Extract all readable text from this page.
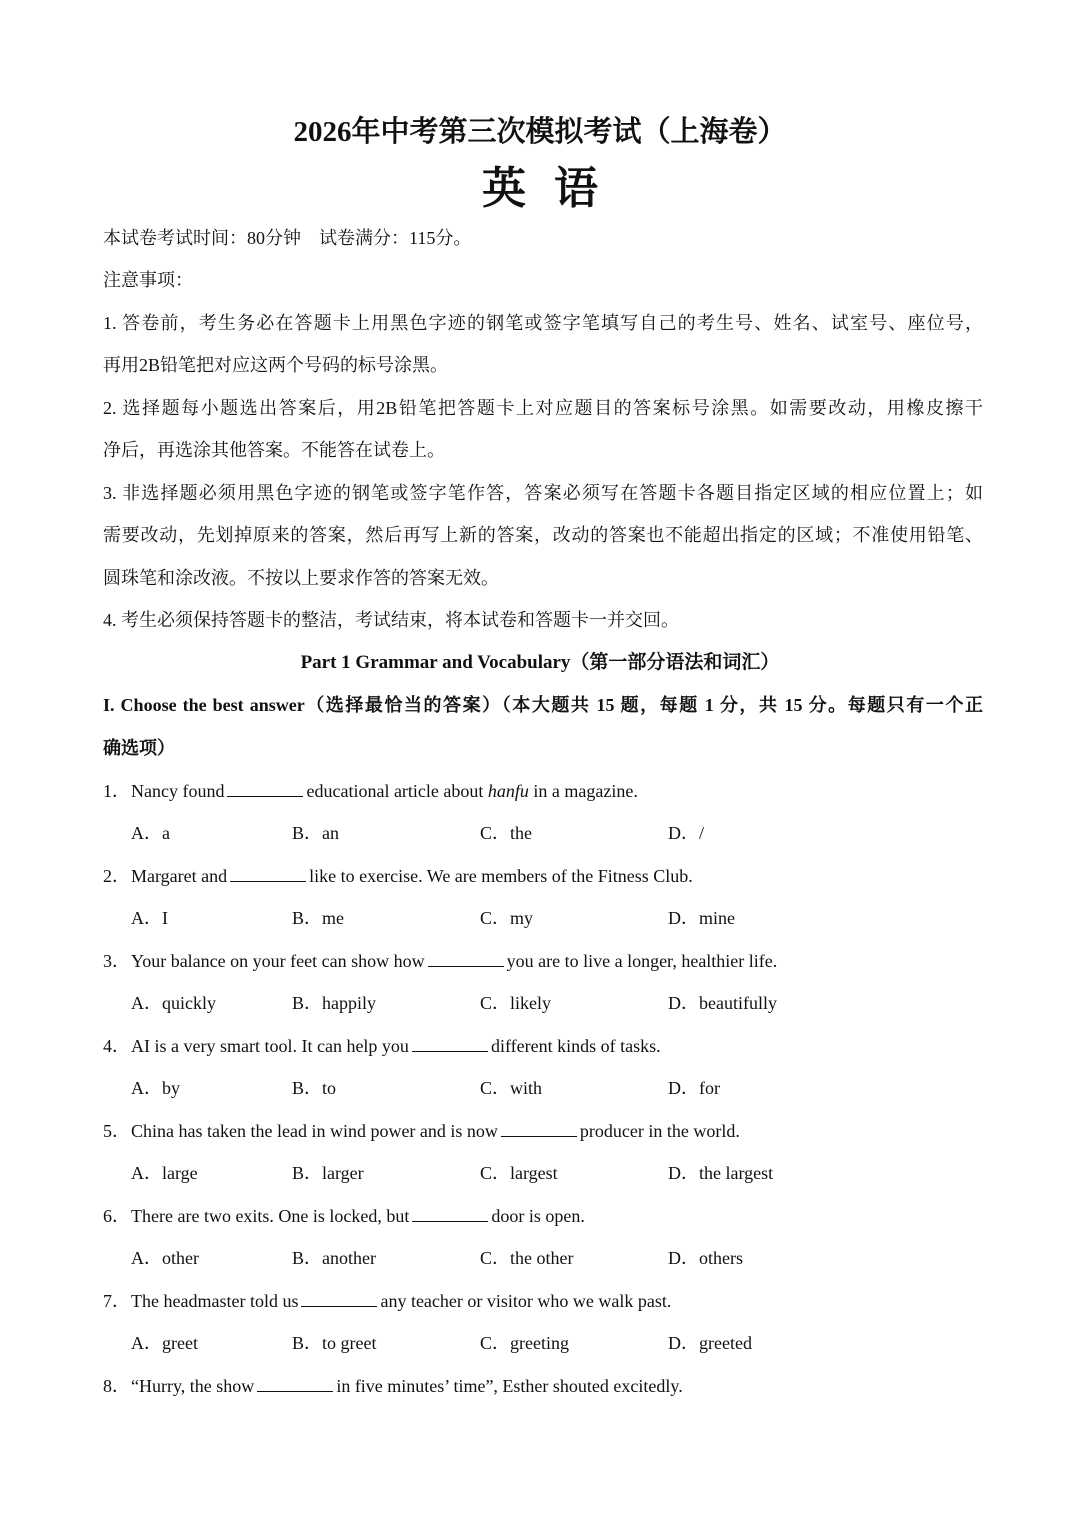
2026年中考第三次模拟考试（上海卷）
英语
本试卷考试时间：80分钟　试卷满分：115分。
注意事项：
1. 答卷前，考生务必在答题卡上用黑色字迹的钢笔或签字笔填写自己的考生号、姓名、试室号、座位号，
再用2B铅笔把对应这两个号码的标号涂黑。
2. 选择题每小题选出答案后，用2B铅笔把答题卡上对应题目的答案标号涂黑。如需要改动，用橡皮擦干
净后，再选涂其他答案。不能答在试卷上。
3. 非选择题必须用黑色字迹的钢笔或签字笔作答，答案必须写在答题卡各题目指定区域的相应位置上；如
需要改动，先划掉原来的答案，然后再写上新的答案，改动的答案也不能超出指定的区域；不准使用铅笔、
圆珠笔和涂改液。不按以上要求作答的答案无效。
4. 考生必须保持答题卡的整洁，考试结束，将本试卷和答题卡一并交回。
Part 1 Grammar and Vocabulary（第一部分语法和词汇）
I. Choose the best answer（选择最恰当的答案）（本大题共 15 题，每题 1 分，共 15 分。每题只有一个正
确选项）
1．Nancy found	educational article about hanfu in a magazine.
A．a	B．an	C．the	D．/
2．Margaret and	like to exercise. We are members of the Fitness Club.
A．I	B．me	C．my	D．mine
3．Your balance on your feet can show how	you are to live a longer, healthier life.
A．quickly	B．happily	C．likely	D．beautifully
4．AI is a very smart tool. It can help you	different kinds of tasks.
A．by	B．to	C．with	D．for
5．China has taken the lead in wind power and is now	producer in the world.
A．large	B．larger	C．largest	D．the largest
6．There are two exits. One is locked, but	door is open.
A．other	B．another	C．the other	D．others
7．The headmaster told us	any teacher or visitor who we walk past.
A．greet	B．to greet	C．greeting	D．greeted
8．“Hurry, the show	in five minutes’ time”, Esther shouted excitedly.
